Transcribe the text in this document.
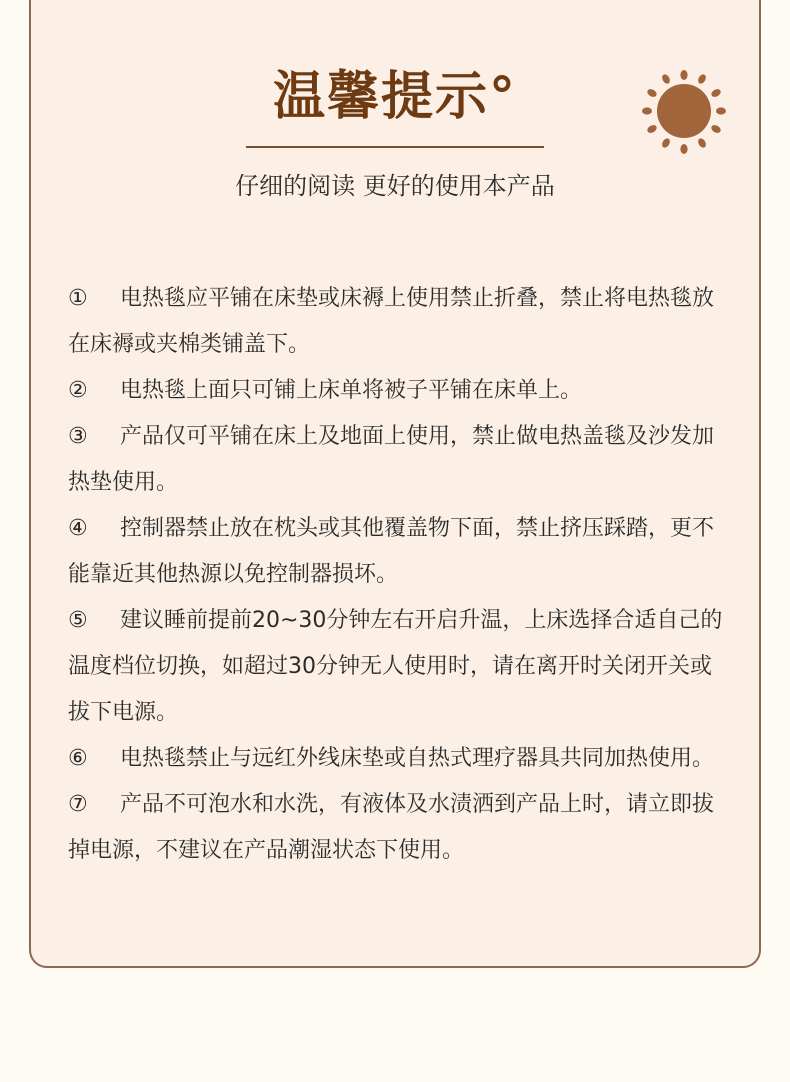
温馨提示°

仔细的阅读 更好的使用本产品

① 电热毯应平铺在床垫或床褥上使用禁止折叠，禁止将电热毯放在床褥或夹棉类铺盖下。
② 电热毯上面只可铺上床单将被子平铺在床单上。
③ 产品仅可平铺在床上及地面上使用，禁止做电热盖毯及沙发加热垫使用。
④ 控制器禁止放在枕头或其他覆盖物下面，禁止挤压踩踏，更不能靠近其他热源以免控制器损坏。
⑤ 建议睡前提前20~30分钟左右开启升温，上床选择合适自己的温度档位切换，如超过30分钟无人使用时，请在离开时关闭开关或拔下电源。
⑥ 电热毯禁止与远红外线床垫或自热式理疗器具共同加热使用。
⑦ 产品不可泡水和水洗，有液体及水渍洒到产品上时，请立即拔掉电源，不建议在产品潮湿状态下使用。
